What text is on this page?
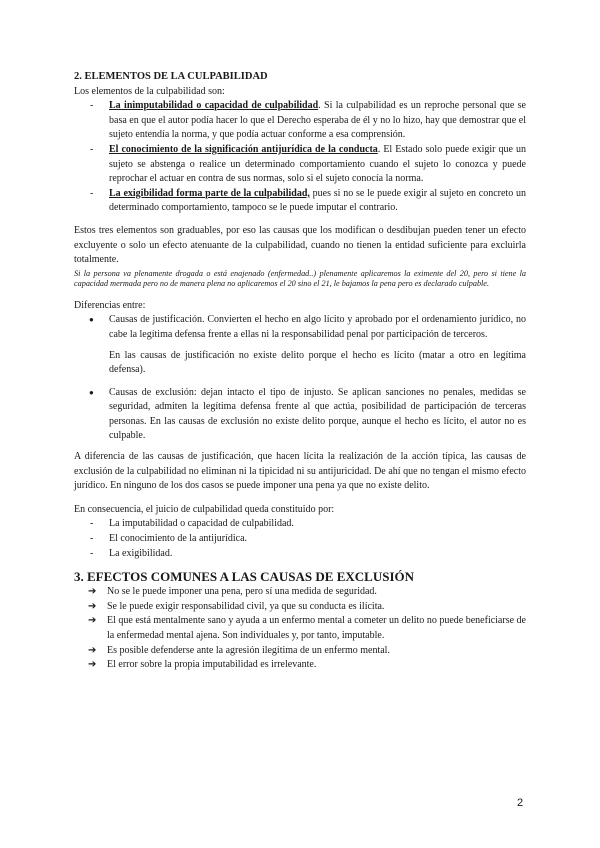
2. ELEMENTOS DE LA CULPABILIDAD
Los elementos de la culpabilidad son:
- La inimputabilidad o capacidad de culpabilidad. Si la culpabilidad es un reproche personal que se basa en que el autor podía hacer lo que el Derecho esperaba de él y no lo hizo, hay que demostrar que el sujeto entendía la norma, y que podía actuar conforme a esa comprensión.
- El conocimiento de la significación antijurídica de la conducta. El Estado solo puede exigir que un sujeto se abstenga o realice un determinado comportamiento cuando el sujeto lo conozca y puede reprochar el actuar en contra de sus normas, solo si el sujeto conocía la norma.
- La exigibilidad forma parte de la culpabilidad, pues si no se le puede exigir al sujeto en concreto un determinado comportamiento, tampoco se le puede imputar el contrario.
Estos tres elementos son graduables, por eso las causas que los modifican o desdibujan pueden tener un efecto excluyente o solo un efecto atenuante de la culpabilidad, cuando no tienen la entidad suficiente para excluirla totalmente.
Si la persona va plenamente drogada o está enajenado (enfermedad..) plenamente aplicaremos la eximente del 20, pero si tiene la capacidad mermada pero no de manera plena no aplicaremos el 20 sino el 21, le bajamos la pena pero es declarado culpable.
Diferencias entre:
● Causas de justificación. Convierten el hecho en algo lícito y aprobado por el ordenamiento jurídico, no cabe la legítima defensa frente a ellas ni la responsabilidad penal por participación de terceros.
En las causas de justificación no existe delito porque el hecho es lícito (matar a otro en legítima defensa).
● Causas de exclusión: dejan intacto el tipo de injusto. Se aplican sanciones no penales, medidas se seguridad, admiten la legítima defensa frente al que actúa, posibilidad de participación de terceras personas. En las causas de exclusión no existe delito porque, aunque el hecho es lícito, el autor no es culpable.
A diferencia de las causas de justificación, que hacen lícita la realización de la acción típica, las causas de exclusión de la culpabilidad no eliminan ni la tipicidad ni su antijuricidad. De ahí que no tengan el mismo efecto jurídico. En ninguno de los dos casos se puede imponer una pena ya que no existe delito.
En consecuencia, el juicio de culpabilidad queda constituido por:
- La imputabilidad o capacidad de culpabilidad.
- El conocimiento de la antijurídica.
- La exigibilidad.
3. EFECTOS COMUNES A LAS CAUSAS DE EXCLUSIÓN
➔ No se le puede imponer una pena, pero sí una medida de seguridad.
➔ Se le puede exigir responsabilidad civil, ya que su conducta es ilícita.
➔ El que está mentalmente sano y ayuda a un enfermo mental a cometer un delito no puede beneficiarse de la enfermedad mental ajena. Son individuales y, por tanto, imputable.
➔ Es posible defenderse ante la agresión ilegítima de un enfermo mental.
➔ El error sobre la propia imputabilidad es irrelevante.
2
